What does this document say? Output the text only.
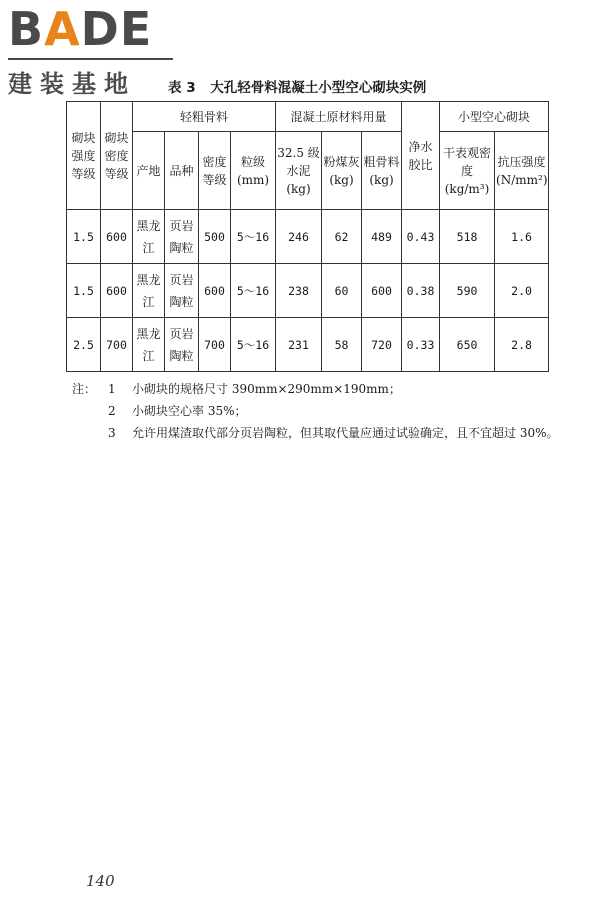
BADE
建装基地 表 3 大孔轻骨料混凝土小型空心砌块实例
砌块强度等级	砌块密度等级	轻粗骨料				混凝土原材料用量			净水胶比	小型空心砌块	
		产地	品种	密度等级	粒级 (mm)	32.5 级水泥 (kg)	粉煤灰 (kg)	粗骨料 (kg)		干表观密度 (kg/m³)	抗压强度 (N/mm²)
1.5	600	黑龙江	页岩陶粒	500	5～16	246	62	489	0.43	518	1.6
1.5	600	黑龙江	页岩陶粒	600	5～16	238	60	600	0.38	590	2.0
2.5	700	黑龙江	页岩陶粒	700	5～16	231	58	720	0.33	650	2.8
注： 1 小砌块的规格尺寸 390mm×290mm×190mm；
2 小砌块空心率 35%；
3 允许用煤渣取代部分页岩陶粒，但其取代量应通过试验确定，且不宜超过 30%。
140
